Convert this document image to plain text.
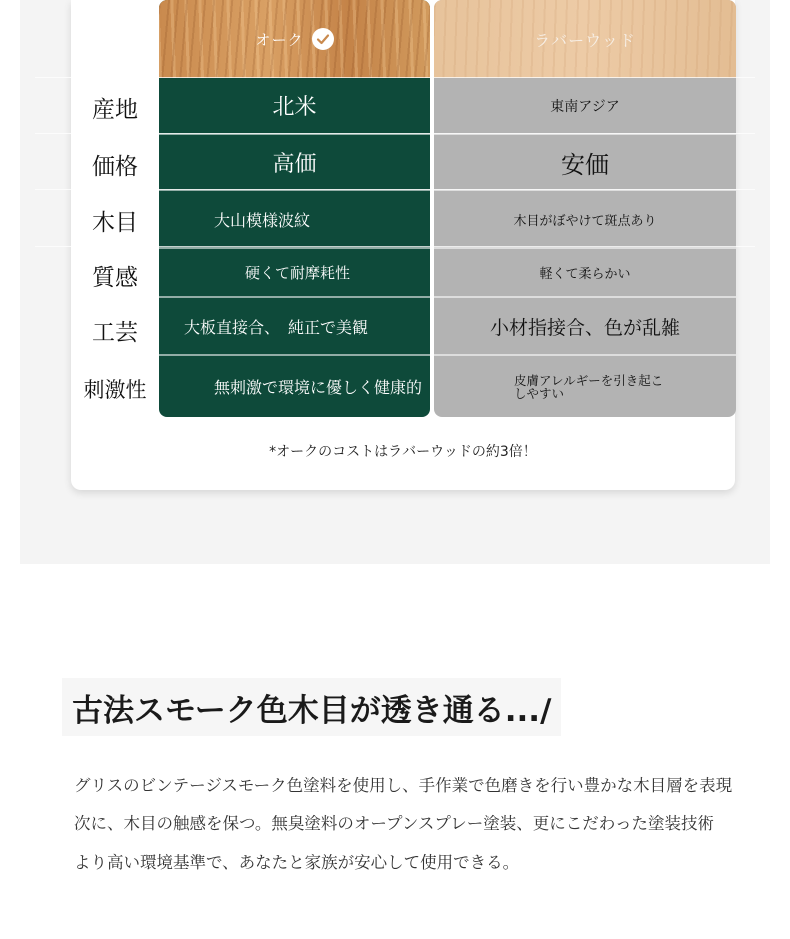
オーク
北米
高価
大山模様波紋
硬くて耐摩耗性
大板直接合、　純正で美観
無刺激で環境に優しく健康的
ラバーウッド
東南アジア
安価
木目がぼやけて斑点あり
軽くて柔らかい
小材指接合、色が乱雑
皮膚アレルギーを引き起こしやすい
産地
価格
木目
質感
工芸
刺激性
*オークのコストはラバーウッドの約3倍！
古法スモーク色木目が透き通る.../
グリスのビンテージスモーク色塗料を使用し、手作業で色磨きを行い豊かな木目層を表現
次に、木目の触感を保つ。無臭塗料のオープンスプレー塗装、更にこだわった塗装技術
より高い環境基準で、あなたと家族が安心して使用できる。
